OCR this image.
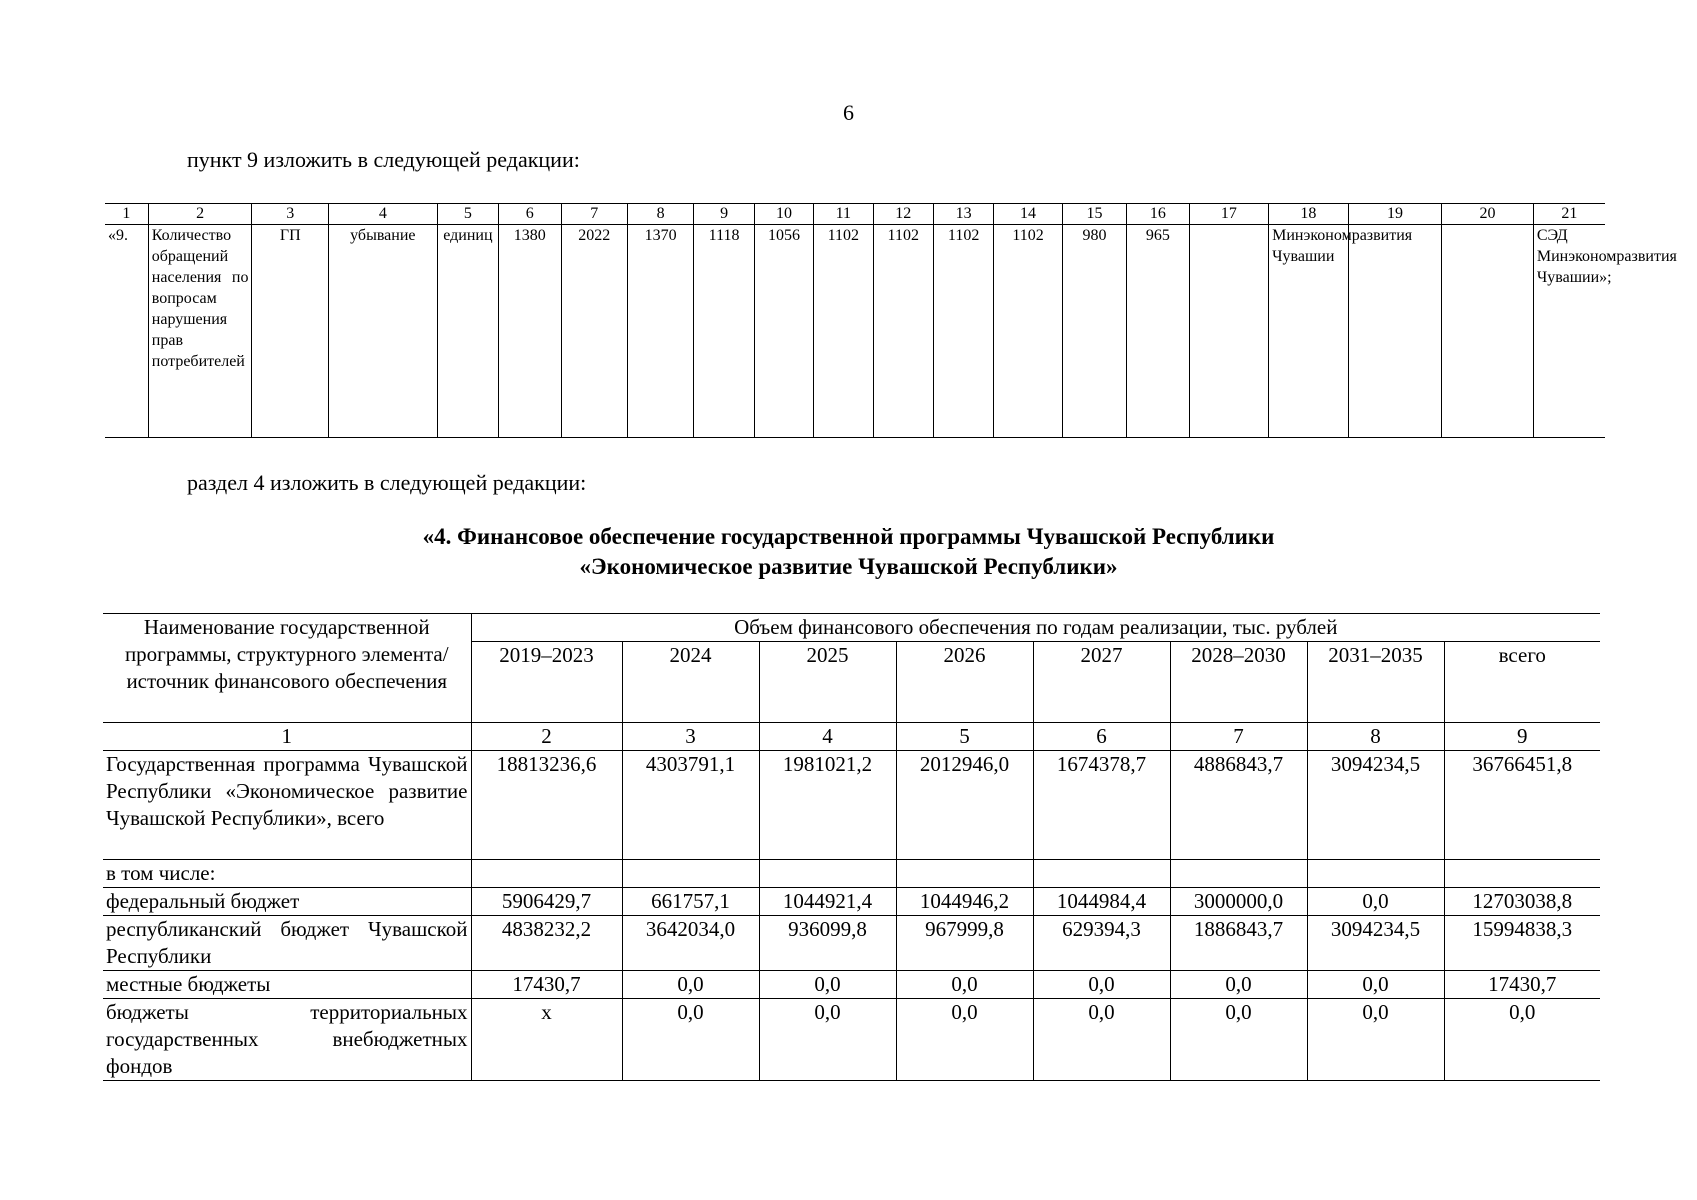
6
пункт 9 изложить в следующей редакции:
1	2	3	4	5	6	7	8	9	10	11	12	13	14	15	16	17	18	19	20	21
«9.	Количество обращений населения по вопросам нарушения прав потребителей	ГП	убывание	единиц	1380	2022	1370	1118	1056	1102	1102	1102	1102	980	965		Минэкономразвития Чувашии			СЭД Минэкономразвития Чувашии»;
раздел 4 изложить в следующей редакции:
«4. Финансовое обеспечение государственной программы Чувашской Республики
«Экономическое развитие Чувашской Республики»
Наименование государственной программы, структурного элемента/источник финансового обеспечения	Объем финансового обеспечения по годам реализации, тыс. рублей							
	2019–2023	2024	2025	2026	2027	2028–2030	2031–2035	всего
1	2	3	4	5	6	7	8	9
Государственная программа Чувашской Республики «Экономическое развитие Чувашской Республики», всего	18813236,6	4303791,1	1981021,2	2012946,0	1674378,7	4886843,7	3094234,5	36766451,8
в том числе:								
федеральный бюджет	5906429,7	661757,1	1044921,4	1044946,2	1044984,4	3000000,0	0,0	12703038,8
республиканский бюджет Чувашской Республики	4838232,2	3642034,0	936099,8	967999,8	629394,3	1886843,7	3094234,5	15994838,3
местные бюджеты	17430,7	0,0	0,0	0,0	0,0	0,0	0,0	17430,7
бюджеты территориальных государственных внебюджетных фондов	х	0,0	0,0	0,0	0,0	0,0	0,0	0,0
